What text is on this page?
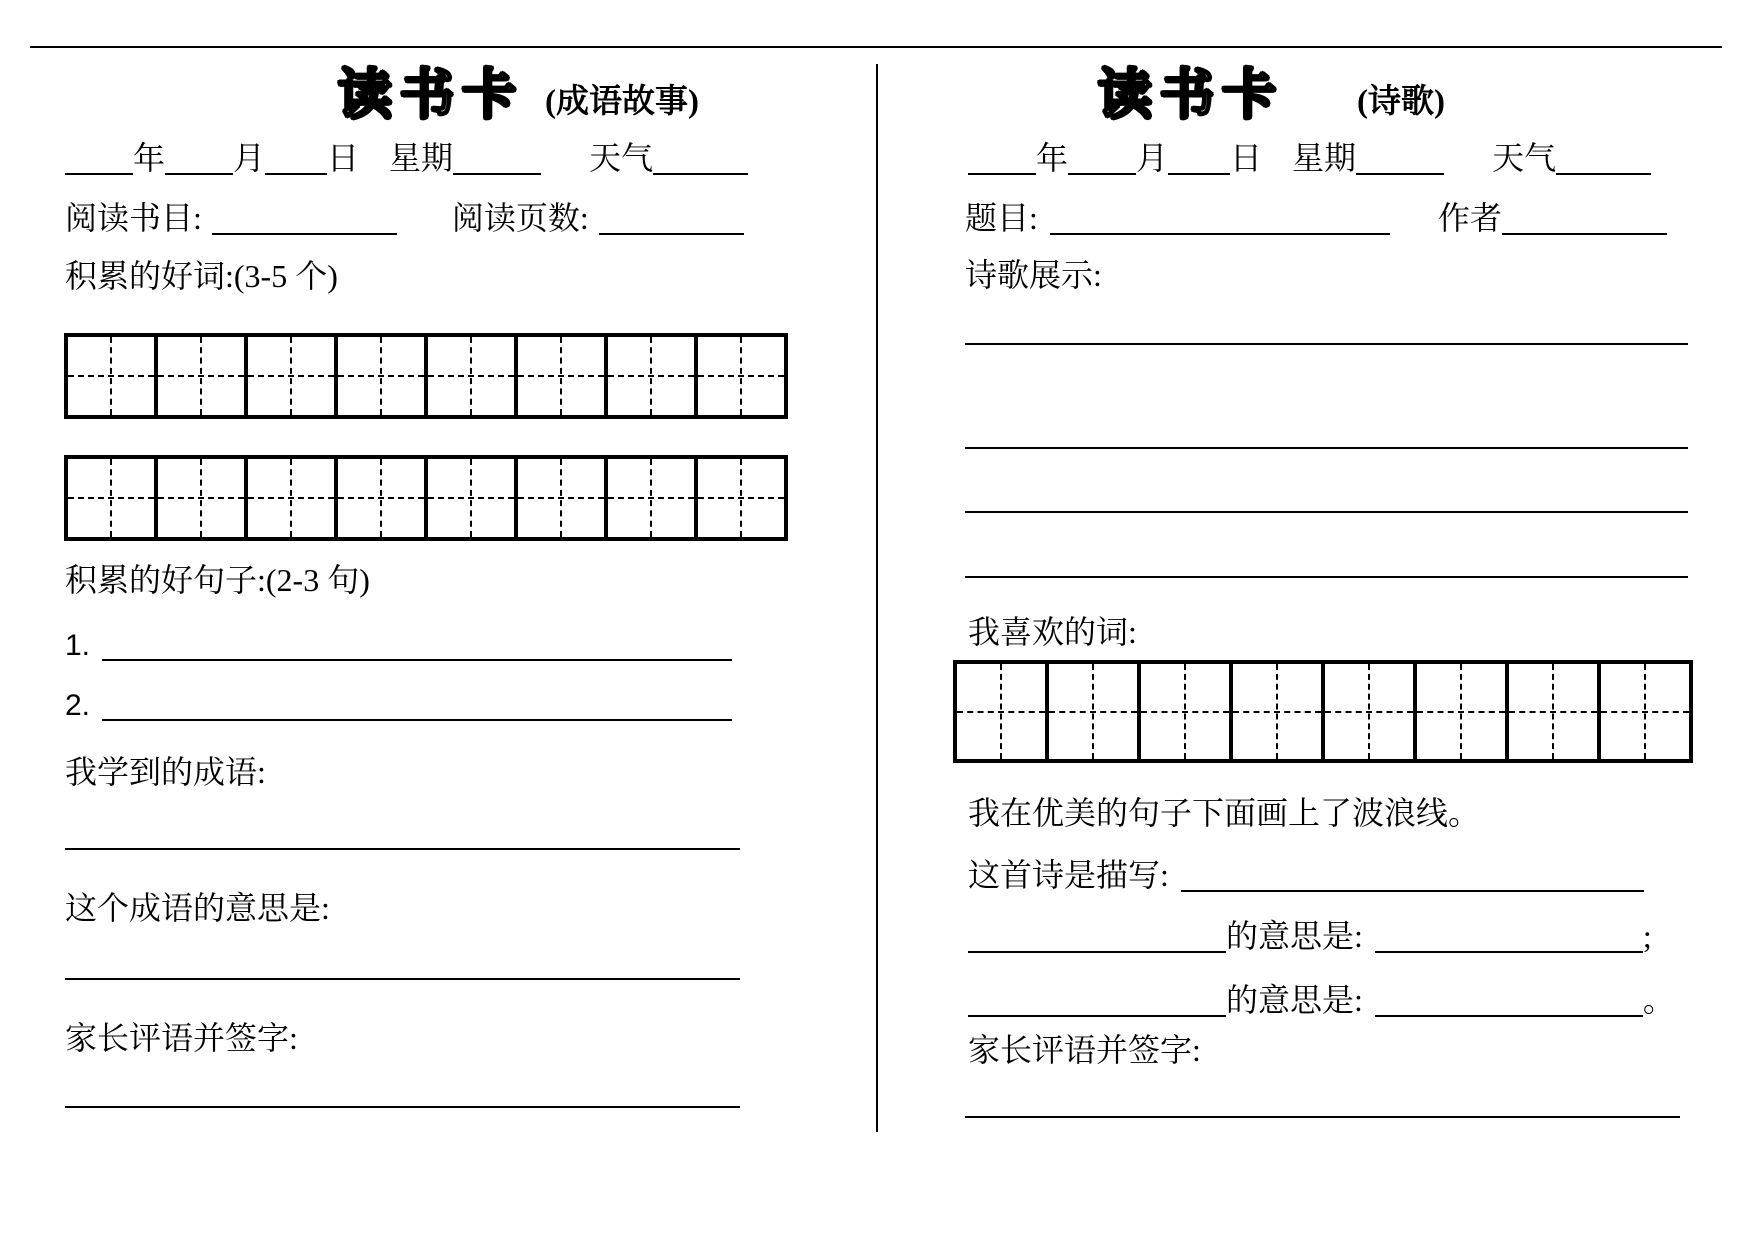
读书卡 (成语故事)
年 月 日 星期	天气
阅读书目:	阅读页数:
积累的好词:(3-5 个)
积累的好句子:(2-3 句)
1.
2.
我学到的成语:
这个成语的意思是:
家长评语并签字:
读书卡 (诗歌)
年 月 日 星期	天气
题目:	作者
诗歌展示:
我喜欢的词:
我在优美的句子下面画上了波浪线。
这首诗是描写:
的意思是:	;
的意思是:	。
家长评语并签字:
